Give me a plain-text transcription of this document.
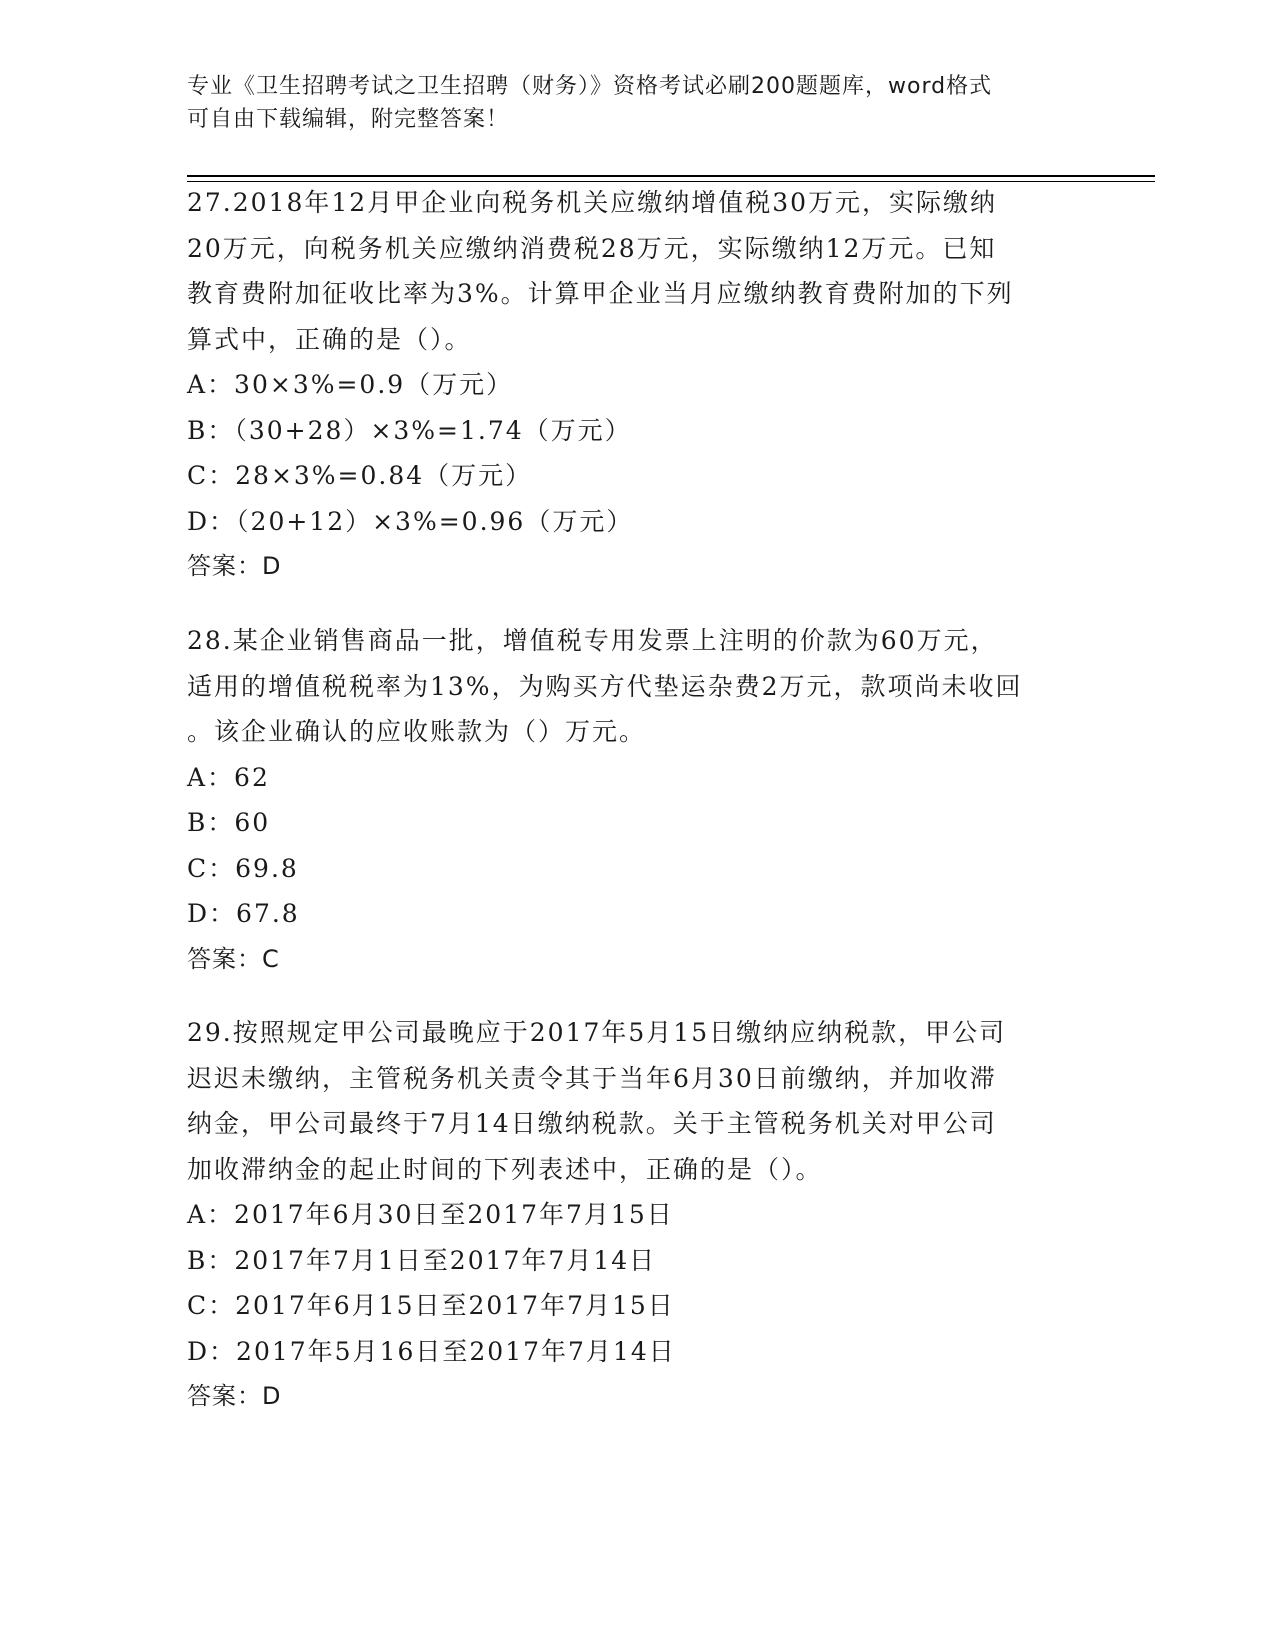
专业《卫生招聘考试之卫生招聘（财务）》资格考试必刷200题题库，word格式
可自由下载编辑，附完整答案！
27.2018年12月甲企业向税务机关应缴纳增值税30万元，实际缴纳
20万元，向税务机关应缴纳消费税28万元，实际缴纳12万元。已知
教育费附加征收比率为3%。计算甲企业当月应缴纳教育费附加的下列
算式中，正确的是（）。
A：30×3%=0.9（万元）
B：（30+28）×3%=1.74（万元）
C：28×3%=0.84（万元）
D：（20+12）×3%=0.96（万元）
答案：D
28.某企业销售商品一批，增值税专用发票上注明的价款为60万元，
适用的增值税税率为13%，为购买方代垫运杂费2万元，款项尚未收回
。该企业确认的应收账款为（）万元。
A：62
B：60
C：69.8
D：67.8
答案：C
29.按照规定甲公司最晚应于2017年5月15日缴纳应纳税款，甲公司
迟迟未缴纳，主管税务机关责令其于当年6月30日前缴纳，并加收滞
纳金，甲公司最终于7月14日缴纳税款。关于主管税务机关对甲公司
加收滞纳金的起止时间的下列表述中，正确的是（）。
A：2017年6月30日至2017年7月15日
B：2017年7月1日至2017年7月14日
C：2017年6月15日至2017年7月15日
D：2017年5月16日至2017年7月14日
答案：D
